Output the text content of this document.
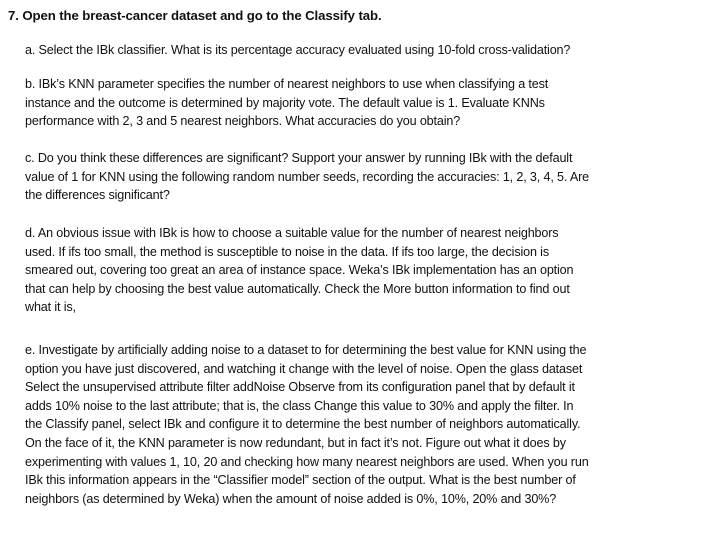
7. Open the breast-cancer dataset and go to the Classify tab.
a. Select the IBk classifier. What is its percentage accuracy evaluated using 10-fold cross-validation?
b. IBk’s KNN parameter specifies the number of nearest neighbors to use when classifying a test
instance and the outcome is determined by majority vote. The default value is 1. Evaluate KNNs
performance with 2, 3 and 5 nearest neighbors. What accuracies do you obtain?
c. Do you think these differences are significant? Support your answer by running IBk with the default
value of 1 for KNN using the following random number seeds, recording the accuracies: 1, 2, 3, 4, 5. Are
the differences significant?
d. An obvious issue with IBk is how to choose a suitable value for the number of nearest neighbors
used. If ifs too small, the method is susceptible to noise in the data. If ifs too large, the decision is
smeared out, covering too great an area of instance space. Weka’s IBk implementation has an option
that can help by choosing the best value automatically. Check the More button information to find out
what it is,
e. Investigate by artificially adding noise to a dataset to for determining the best value for KNN using the
option you have just discovered, and watching it change with the level of noise. Open the glass dataset
Select the unsupervised attribute filter addNoise Observe from its configuration panel that by default it
adds 10% noise to the last attribute; that is, the class Change this value to 30% and apply the filter. In
the Classify panel, select IBk and configure it to determine the best number of neighbors automatically.
On the face of it, the KNN parameter is now redundant, but in fact it’s not. Figure out what it does by
experimenting with values 1, 10, 20 and checking how many nearest neighbors are used. When you run
IBk this information appears in the “Classifier model” section of the output. What is the best number of
neighbors (as determined by Weka) when the amount of noise added is 0%, 10%, 20% and 30%?
